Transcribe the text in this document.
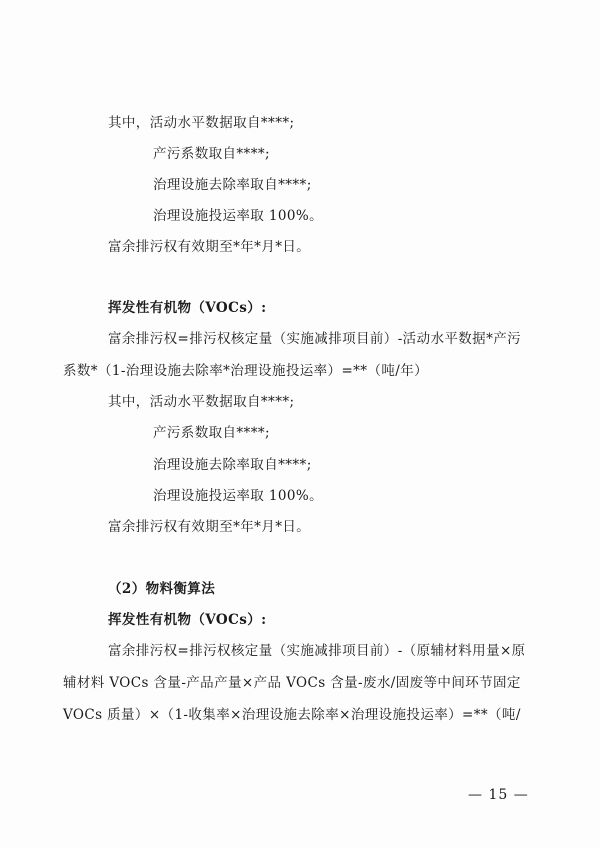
其中，活动水平数据取自****;
产污系数取自****;
治理设施去除率取自****;
治理设施投运率取 100%。
富余排污权有效期至*年*月*日。
挥发性有机物（VOCs）:
富余排污权=排污权核定量（实施减排项目前）-活动水平数据*产污
系数*（1-治理设施去除率*治理设施投运率）=**（吨/年）
其中，活动水平数据取自****;
产污系数取自****;
治理设施去除率取自****;
治理设施投运率取 100%。
富余排污权有效期至*年*月*日。
（2）物料衡算法
挥发性有机物（VOCs）:
富余排污权=排污权核定量（实施减排项目前）-（原辅材料用量×原
辅材料 VOCs 含量-产品产量×产品 VOCs 含量-废水/固废等中间环节固定
VOCs 质量）×（1-收集率×治理设施去除率×治理设施投运率）=**（吨/
— 15 —
